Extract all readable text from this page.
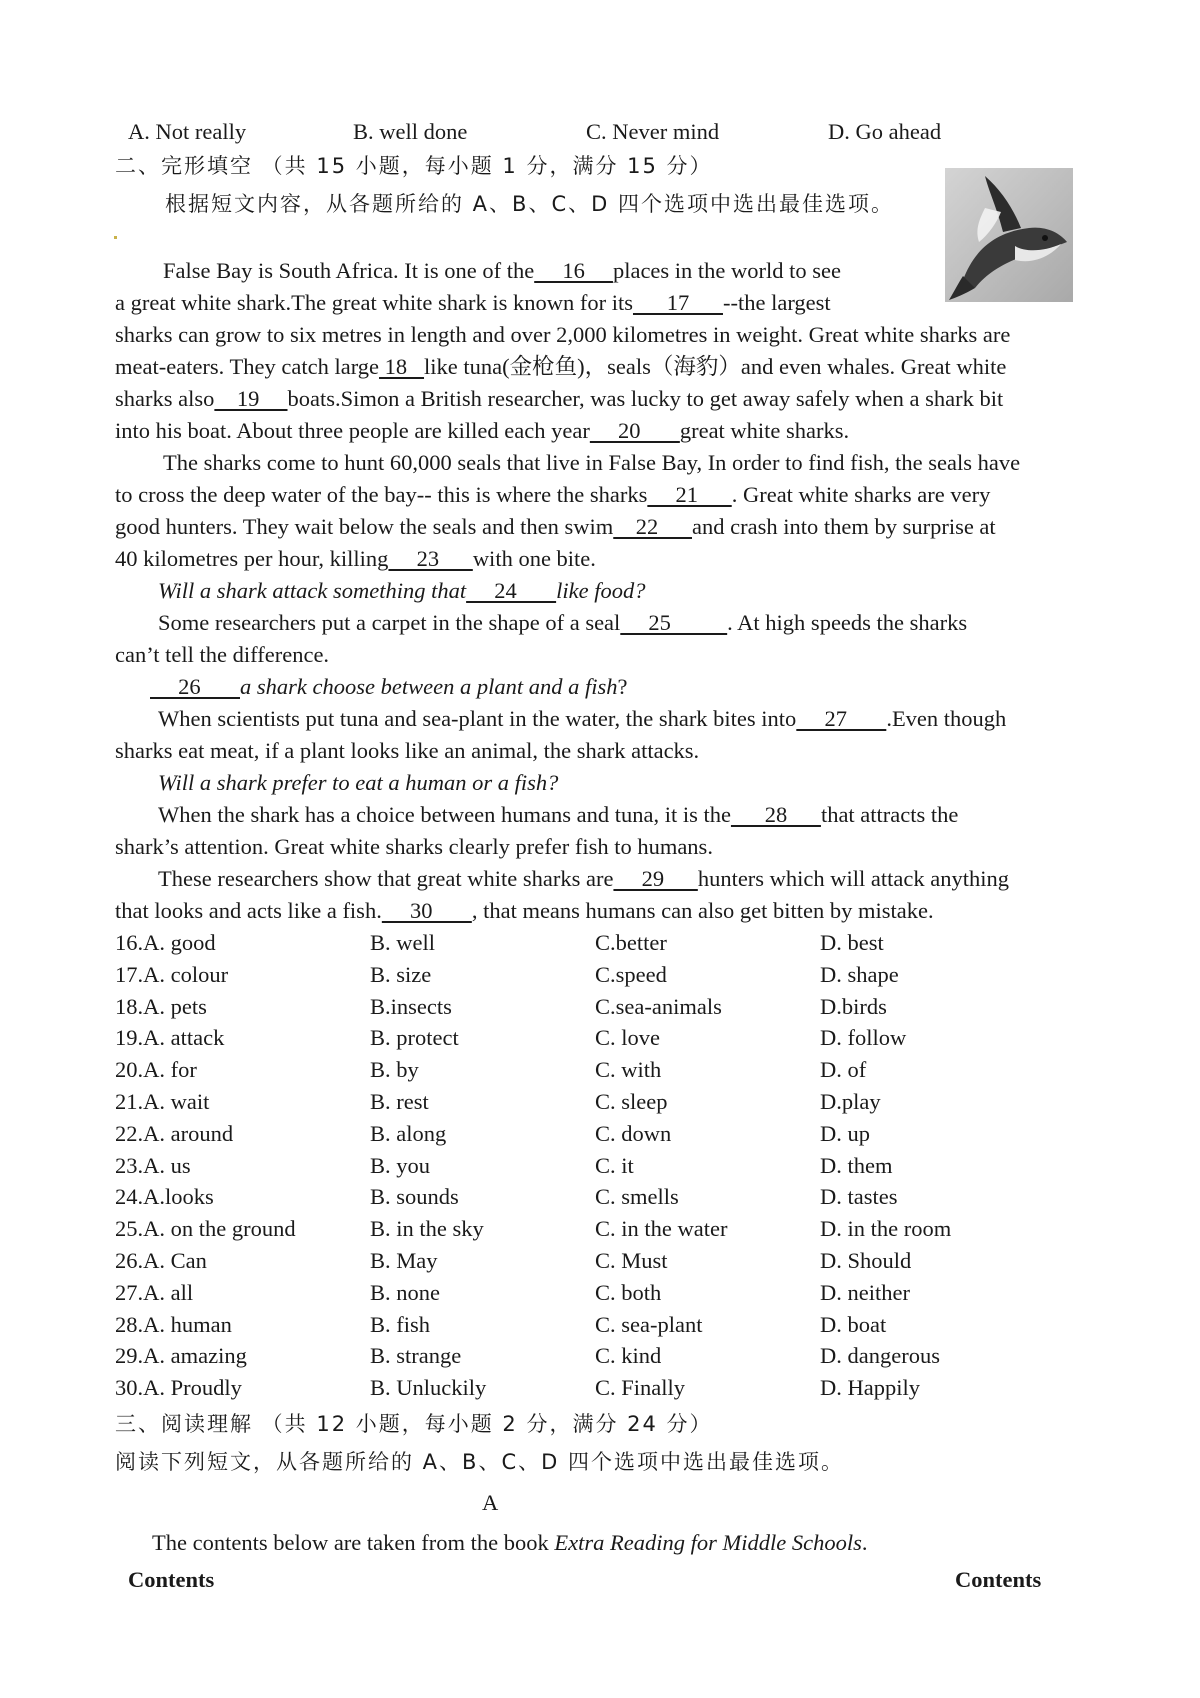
A. Not really	B. well done	C. Never mind	D. Go ahead
二、完形填空 （共 15 小题，每小题 1 分，满分 15 分）
根据短文内容，从各题所给的 A、B、C、D 四个选项中选出最佳选项。
False Bay is South Africa. It is one of the     16     places in the world to see
a great white shark.The great white shark is known for its      17      --the largest
sharks can grow to six metres in length and over 2,000 kilometres in weight. Great white sharks are
meat-eaters. They catch large 18   like tuna(金枪鱼)，seals（海豹）and even whales. Great white
sharks also    19     boats.Simon a British researcher, was lucky to get away safely when a shark bit
into his boat. About three people are killed each year     20       great white sharks.
The sharks come to hunt 60,000 seals that live in False Bay, In order to find fish, the seals have
to cross the deep water of the bay-- this is where the sharks     21      . Great white sharks are very
good hunters. They wait below the seals and then swim    22      and crash into them by surprise at
40 kilometres per hour, killing     23      with one bite.
Will a shark attack something that     24       like food?
Some researchers put a carpet in the shape of a seal     25          . At high speeds the sharks
can’t tell the difference.
26       a shark choose between a plant and a fish?
When scientists put tuna and sea-plant in the water, the shark bites into     27       .Even though
sharks eat meat, if a plant looks like an animal, the shark attacks.
Will a shark prefer to eat a human or a fish?
When the shark has a choice between humans and tuna, it is the      28      that attracts the
shark’s attention. Great white sharks clearly prefer fish to humans.
These researchers show that great white sharks are     29      hunters which will attack anything
that looks and acts like a fish.     30       , that means humans can also get bitten by mistake.
16.A. good	B. well	C.better	D. best
17.A. colour	B. size	C.speed	D. shape
18.A. pets	B.insects	C.sea-animals	D.birds
19.A. attack	B. protect	C. love	D. follow
20.A. for	B. by	C. with	D. of
21.A. wait	B. rest	C. sleep	D.play
22.A. around	B. along	C. down	D. up
23.A. us	B. you	C. it	D. them
24.A.looks	B. sounds	C. smells	D. tastes
25.A. on the ground	B. in the sky	C. in the water	D. in the room
26.A. Can	B. May	C. Must	D. Should
27.A. all	B. none	C. both	D. neither
28.A. human	B. fish	C. sea-plant	D. boat
29.A. amazing	B. strange	C. kind	D. dangerous
30.A. Proudly	B. Unluckily	C. Finally	D. Happily
三、阅读理解 （共 12 小题，每小题 2 分，满分 24 分）
阅读下列短文，从各题所给的 A、B、C、D 四个选项中选出最佳选项。
A
The contents below are taken from the book Extra Reading for Middle Schools.
Contents	Contents
